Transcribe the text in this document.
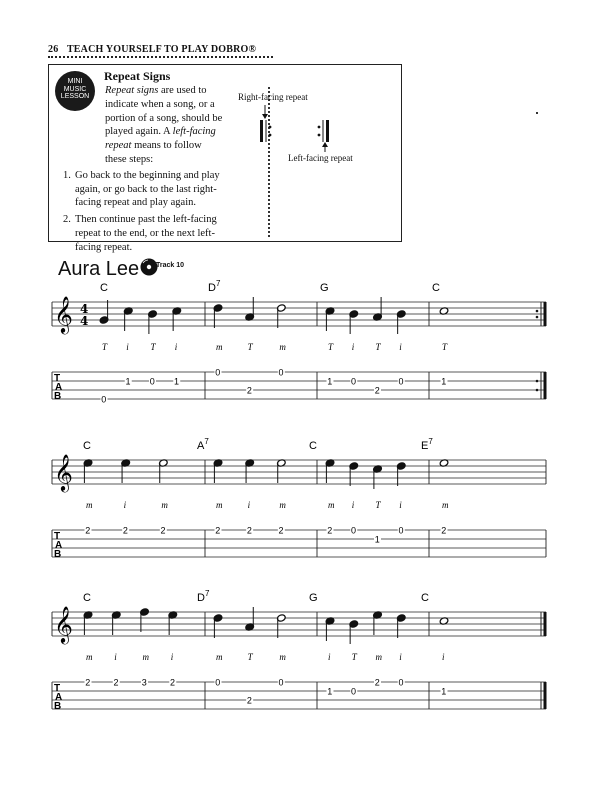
26 TEACH YOURSELF TO PLAY DOBRO®
MINI
MUSIC
LESSON
Repeat Signs

Repeat signs are used to indicate when a song, or a portion of a song, should be played again. A left-facing repeat means to follow these steps:

1. Go back to the beginning and play again, or go back to the last right-facing repeat and play again.
2. Then continue past the left-facing repeat to the end, or the next left-facing repeat.
Right-facing repeat
Left-facing repeat
Aura Lee Track 10
𝄞 4
4
T
A
B
C
T
0
i
1
T
0
i
1
$D^7$
m
0
T
2
m
0
G
T
1
i
0
T
2
i
0
C
T
1
𝄞
T
A
B
C
m
2
i
2
m
2
$A^7$
m
2
i
2
m
2
C
m
2
i
0
T
1
i
0
$E^7$
m
2
𝄞
T
A
B
C
m
2
i
2
m
3
i
2
$D^7$
m
0
T
2
m
0
G
i
1
T
0
m
2
i
0
C
i
1
